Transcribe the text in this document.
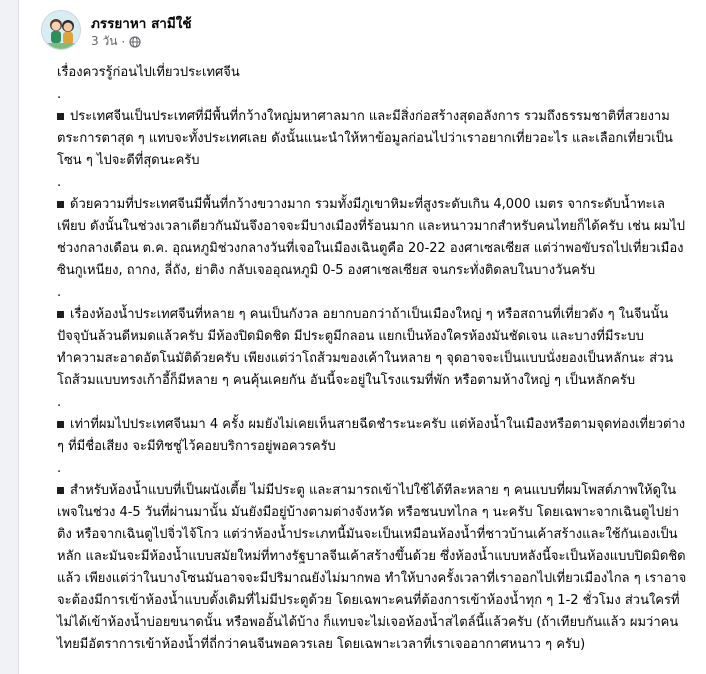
ภรรยาหา สามีใช้
3 วัน ·

เรื่องควรรู้ก่อนไปเที่ยวประเทศจีน

.

ประเทศจีนเป็นประเทศที่มีพื้นที่กว้างใหญ่มหาศาลมาก และมีสิ่งก่อสร้างสุดอลังการ รวมถึงธรรมชาติที่สวยงามตระการตาสุด ๆ แทบจะทั้งประเทศเลย ดังนั้นแนะนำให้หาข้อมูลก่อนไปว่าเราอยากเที่ยวอะไร และเลือกเที่ยวเป็นโซน ๆ ไปจะดีที่สุดนะครับ

.

ด้วยความที่ประเทศจีนมีพื้นที่กว้างขวางมาก รวมทั้งมีภูเขาหิมะที่สูงระดับเกิน 4,000 เมตร จากระดับน้ำทะเลเพียบ ดังนั้นในช่วงเวลาเดียวกันมันจึงอาจจะมีบางเมืองที่ร้อนมาก และหนาวมากสำหรับคนไทยก็ได้ครับ เช่น ผมไปช่วงกลางเดือน ต.ค. อุณหภูมิช่วงกลางวันที่เจอในเมืองเฉินตูคือ 20-22 องศาเซลเซียส แต่ว่าพอขับรถไปเที่ยวเมืองซินกูเหนียง, ถากง, ลี่ถัง, ย่าติง กลับเจออุณหภูมิ 0-5 องศาเซลเซียส จนกระทั่งติดลบในบางวันครับ

.

เรื่องห้องน้ำประเทศจีนที่หลาย ๆ คนเป็นกังวล อยากบอกว่าถ้าเป็นเมืองใหญ่ ๆ หรือสถานที่เที่ยวดัง ๆ ในจีนนั้นปัจจุบันล้วนดีหมดแล้วครับ มีห้องปิดมิดชิด มีประตูมีกลอน แยกเป็นห้องใครห้องมันชัดเจน และบางที่มีระบบทำความสะอาดอัตโนมัติด้วยครับ เพียงแต่ว่าโถส้วมของเค้าในหลาย ๆ จุดอาจจะเป็นแบบนั่งยองเป็นหลักนะ ส่วนโถส้วมแบบทรงเก้าอี้ก็มีหลาย ๆ คนคุ้นเคยกัน อันนี้จะอยู่ในโรงแรมที่พัก หรือตามห้างใหญ่ ๆ เป็นหลักครับ

.

เท่าที่ผมไปประเทศจีนมา 4 ครั้ง ผมยังไม่เคยเห็นสายฉีดชำระนะครับ แต่ห้องน้ำในเมืองหรือตามจุดท่องเที่ยวต่าง ๆ ที่มีชื่อเสียง จะมีทิชชู่ไว้คอยบริการอยู่พอควรครับ

.

สำหรับห้องน้ำแบบที่เป็นผนังเตี้ย ไม่มีประตู และสามารถเข้าไปใช้ได้ทีละหลาย ๆ คนแบบที่ผมโพสต์ภาพให้ดูในเพจในช่วง 4-5 วันที่ผ่านมานั้น มันยังมีอยู่บ้างตามต่างจังหวัด หรือชนบทไกล ๆ นะครับ โดยเฉพาะจากเฉินตูไปย่าติง หรือจากเฉินตูไปจิ่วไจ้โกว แต่ว่าห้องน้ำประเภทนี้มันจะเป็นเหมือนห้องน้ำที่ชาวบ้านเค้าสร้างและใช้กันเองเป็นหลัก และมันจะมีห้องน้ำแบบสมัยใหม่ที่ทางรัฐบาลจีนเค้าสร้างขึ้นด้วย ซึ่งห้องน้ำแบบหลังนี้จะเป็นห้องแบบปิดมิดชิดแล้ว เพียงแต่ว่าในบางโซนมันอาจจะมีปริมาณยังไม่มากพอ ทำให้บางครั้งเวลาที่เราออกไปเที่ยวเมืองไกล ๆ เราอาจจะต้องมีการเข้าห้องน้ำแบบดั้งเดิมที่ไม่มีประตูด้วย โดยเฉพาะคนที่ต้องการเข้าห้องน้ำทุก ๆ 1-2 ชั่วโมง ส่วนใครที่ไม่ได้เข้าห้องน้ำบ่อยขนาดนั้น หรือพออั้นได้บ้าง ก็แทบจะไม่เจอห้องน้ำสไตล์นี้แล้วครับ (ถ้าเทียบกันแล้ว ผมว่าคนไทยมีอัตราการเข้าห้องน้ำที่ถี่กว่าคนจีนพอควรเลย โดยเฉพาะเวลาที่เราเจออากาศหนาว ๆ ครับ)
